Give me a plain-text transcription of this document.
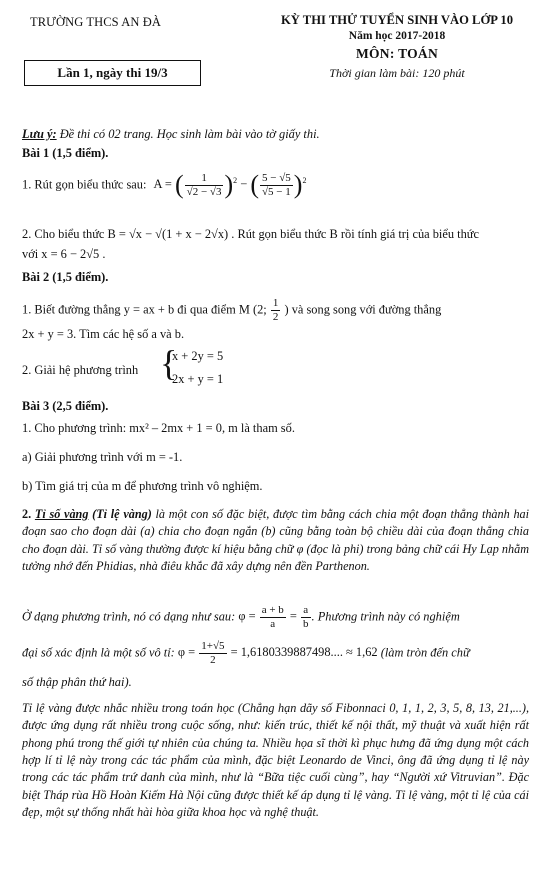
TRƯỜNG THCS AN ĐÀ
Lần 1, ngày thi 19/3
KỲ THI THỬ TUYỂN SINH VÀO LỚP 10
Năm học 2017-2018
MÔN: TOÁN
Thời gian làm bài: 120 phút
Lưu ý: Đề thi có 02 trang. Học sinh làm bài vào tờ giấy thi.
Bài 1 (1,5 điểm).
1. Rút gọn biểu thức sau: A = ( $\frac{1}{√2 - √3} )^2$ − ( $\frac{5 - √5}{√5 - 1} )^2$
2. Cho biểu thức B = √x − √(1 + x − 2√x) . Rút gọn biểu thức B rồi tính giá trị của biểu thức
với x = 6 − 2√5 .
Bài 2 (1,5 điểm).
1. Biết đường thẳng y = ax + b đi qua điểm M (2; $\frac{1}{2}$ ) và song song với đường thẳng
2x + y = 3. Tìm các hệ số a và b.
2. Giải hệ phương trình {
x + 2y = 5
2x + y = 1
Bài 3 (2,5 điểm).
1. Cho phương trình: mx² – 2mx + 1 = 0, m là tham số.
a) Giải phương trình với m = -1.
b) Tìm giá trị của m để phương trình vô nghiệm.
2. Tỉ số vàng (Tỉ lệ vàng) là một con số đặc biệt, được tìm bằng cách chia một đoạn thẳng thành hai đoạn sao cho đoạn dài (a) chia cho đoạn ngắn (b) cũng bằng toàn bộ chiều dài của đoạn thẳng chia cho đoạn dài. Tỉ số vàng thường được kí hiệu bằng chữ φ (đọc là phi) trong bảng chữ cái Hy Lạp nhằm tưởng nhớ đến Phidias, nhà điêu khắc đã xây dựng nên đền Parthenon.
Ở dạng phương trình, nó có dạng như sau: $\varphi = \frac{a + b}{a} = \frac{a}{b}$ . Phương trình này có nghiệm
đại số xác định là một số vô tỉ: $\varphi = \frac{1+√5}{2} = 1,6180339887498$.... ≈ 1,62 (làm tròn đến chữ
số thập phân thứ hai).
Tỉ lệ vàng được nhắc nhiều trong toán học (Chẳng hạn dãy số Fibonnaci 0, 1, 1, 2, 3, 5, 8, 13, 21,...), được ứng dụng rất nhiều trong cuộc sống, như: kiến trúc, thiết kế nội thất, mỹ thuật và xuất hiện rất phong phú trong thế giới tự nhiên của chúng ta. Nhiều họa sĩ thời kì phục hưng đã ứng dụng một cách hợp lí tỉ lệ này trong các tác phẩm của mình, đặc biệt Leonardo de Vinci, ông đã ứng dụng tỉ lệ này trong các tác phẩm trứ danh của mình, như là “Bữa tiệc cuối cùng”, hay “Người xứ Vitruvian”. Đặc biệt Tháp rùa Hồ Hoàn Kiếm Hà Nội cũng được thiết kế áp dụng tỉ lệ vàng. Tỉ lệ vàng, một tỉ lệ của cái đẹp, một sự thống nhất hài hòa giữa khoa học và nghệ thuật.
